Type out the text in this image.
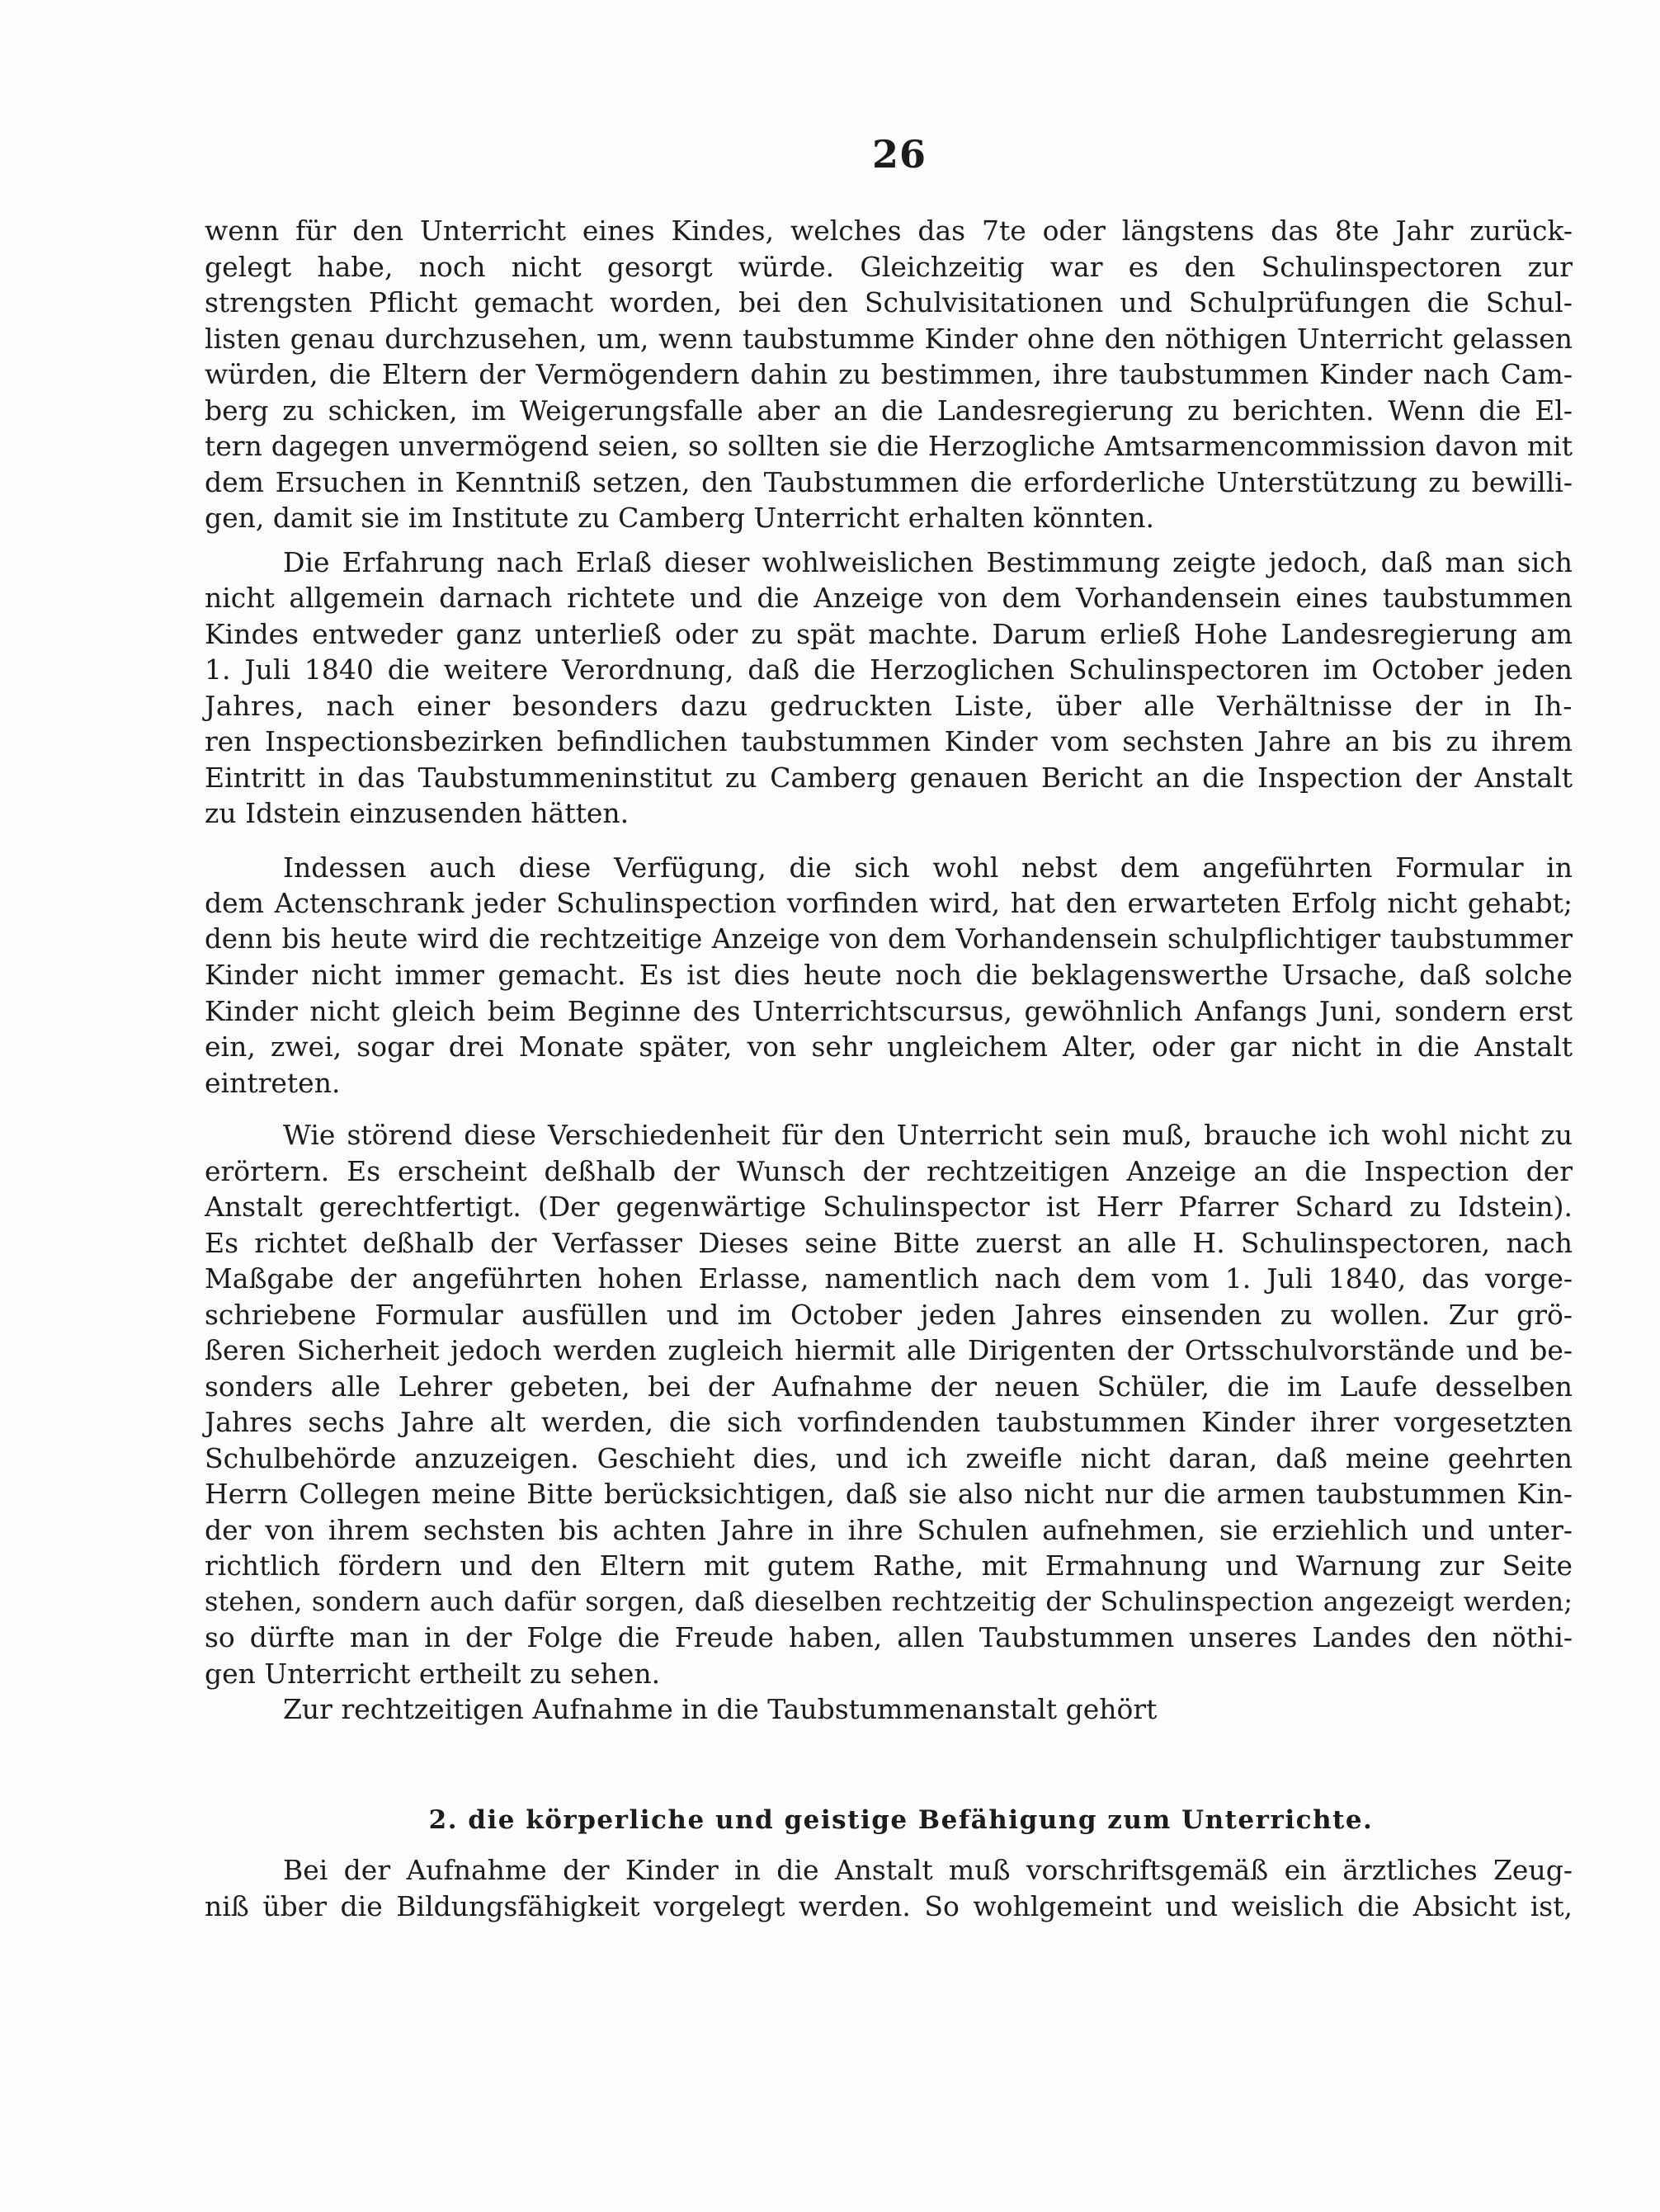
26
wenn für den Unterricht eines Kindes, welches das 7te oder längstens das 8te Jahr zurück-
gelegt habe, noch nicht gesorgt würde. Gleichzeitig war es den Schulinspectoren zur
strengsten Pflicht gemacht worden, bei den Schulvisitationen und Schulprüfungen die Schul-
listen genau durchzusehen, um, wenn taubstumme Kinder ohne den nöthigen Unterricht gelassen
würden, die Eltern der Vermögendern dahin zu bestimmen, ihre taubstummen Kinder nach Cam-
berg zu schicken, im Weigerungsfalle aber an die Landesregierung zu berichten. Wenn die El-
tern dagegen unvermögend seien, so sollten sie die Herzogliche Amtsarmencommission davon mit
dem Ersuchen in Kenntniß setzen, den Taubstummen die erforderliche Unterstützung zu bewilli-
gen, damit sie im Institute zu Camberg Unterricht erhalten könnten.
Die Erfahrung nach Erlaß dieser wohlweislichen Bestimmung zeigte jedoch, daß man sich
nicht allgemein darnach richtete und die Anzeige von dem Vorhandensein eines taubstummen
Kindes entweder ganz unterließ oder zu spät machte. Darum erließ Hohe Landesregierung am
1. Juli 1840 die weitere Verordnung, daß die Herzoglichen Schulinspectoren im October jeden
Jahres, nach einer besonders dazu gedruckten Liste, über alle Verhältnisse der in Ih-
ren Inspectionsbezirken befindlichen taubstummen Kinder vom sechsten Jahre an bis zu ihrem
Eintritt in das Taubstummeninstitut zu Camberg genauen Bericht an die Inspection der Anstalt
zu Idstein einzusenden hätten.
Indessen auch diese Verfügung, die sich wohl nebst dem angeführten Formular in
dem Actenschrank jeder Schulinspection vorfinden wird, hat den erwarteten Erfolg nicht gehabt;
denn bis heute wird die rechtzeitige Anzeige von dem Vorhandensein schulpflichtiger taubstummer
Kinder nicht immer gemacht. Es ist dies heute noch die beklagenswerthe Ursache, daß solche
Kinder nicht gleich beim Beginne des Unterrichtscursus, gewöhnlich Anfangs Juni, sondern erst
ein, zwei, sogar drei Monate später, von sehr ungleichem Alter, oder gar nicht in die Anstalt
eintreten.
Wie störend diese Verschiedenheit für den Unterricht sein muß, brauche ich wohl nicht zu
erörtern. Es erscheint deßhalb der Wunsch der rechtzeitigen Anzeige an die Inspection der
Anstalt gerechtfertigt. (Der gegenwärtige Schulinspector ist Herr Pfarrer Schard zu Idstein).
Es richtet deßhalb der Verfasser Dieses seine Bitte zuerst an alle H. Schulinspectoren, nach
Maßgabe der angeführten hohen Erlasse, namentlich nach dem vom 1. Juli 1840, das vorge-
schriebene Formular ausfüllen und im October jeden Jahres einsenden zu wollen. Zur grö-
ßeren Sicherheit jedoch werden zugleich hiermit alle Dirigenten der Ortsschulvorstände und be-
sonders alle Lehrer gebeten, bei der Aufnahme der neuen Schüler, die im Laufe desselben
Jahres sechs Jahre alt werden, die sich vorfindenden taubstummen Kinder ihrer vorgesetzten
Schulbehörde anzuzeigen. Geschieht dies, und ich zweifle nicht daran, daß meine geehrten
Herrn Collegen meine Bitte berücksichtigen, daß sie also nicht nur die armen taubstummen Kin-
der von ihrem sechsten bis achten Jahre in ihre Schulen aufnehmen, sie erziehlich und unter-
richtlich fördern und den Eltern mit gutem Rathe, mit Ermahnung und Warnung zur Seite
stehen, sondern auch dafür sorgen, daß dieselben rechtzeitig der Schulinspection angezeigt werden;
so dürfte man in der Folge die Freude haben, allen Taubstummen unseres Landes den nöthi-
gen Unterricht ertheilt zu sehen.
Zur rechtzeitigen Aufnahme in die Taubstummenanstalt gehört
2. die körperliche und geistige Befähigung zum Unterrichte.
Bei der Aufnahme der Kinder in die Anstalt muß vorschriftsgemäß ein ärztliches Zeug-
niß über die Bildungsfähigkeit vorgelegt werden. So wohlgemeint und weislich die Absicht ist,
